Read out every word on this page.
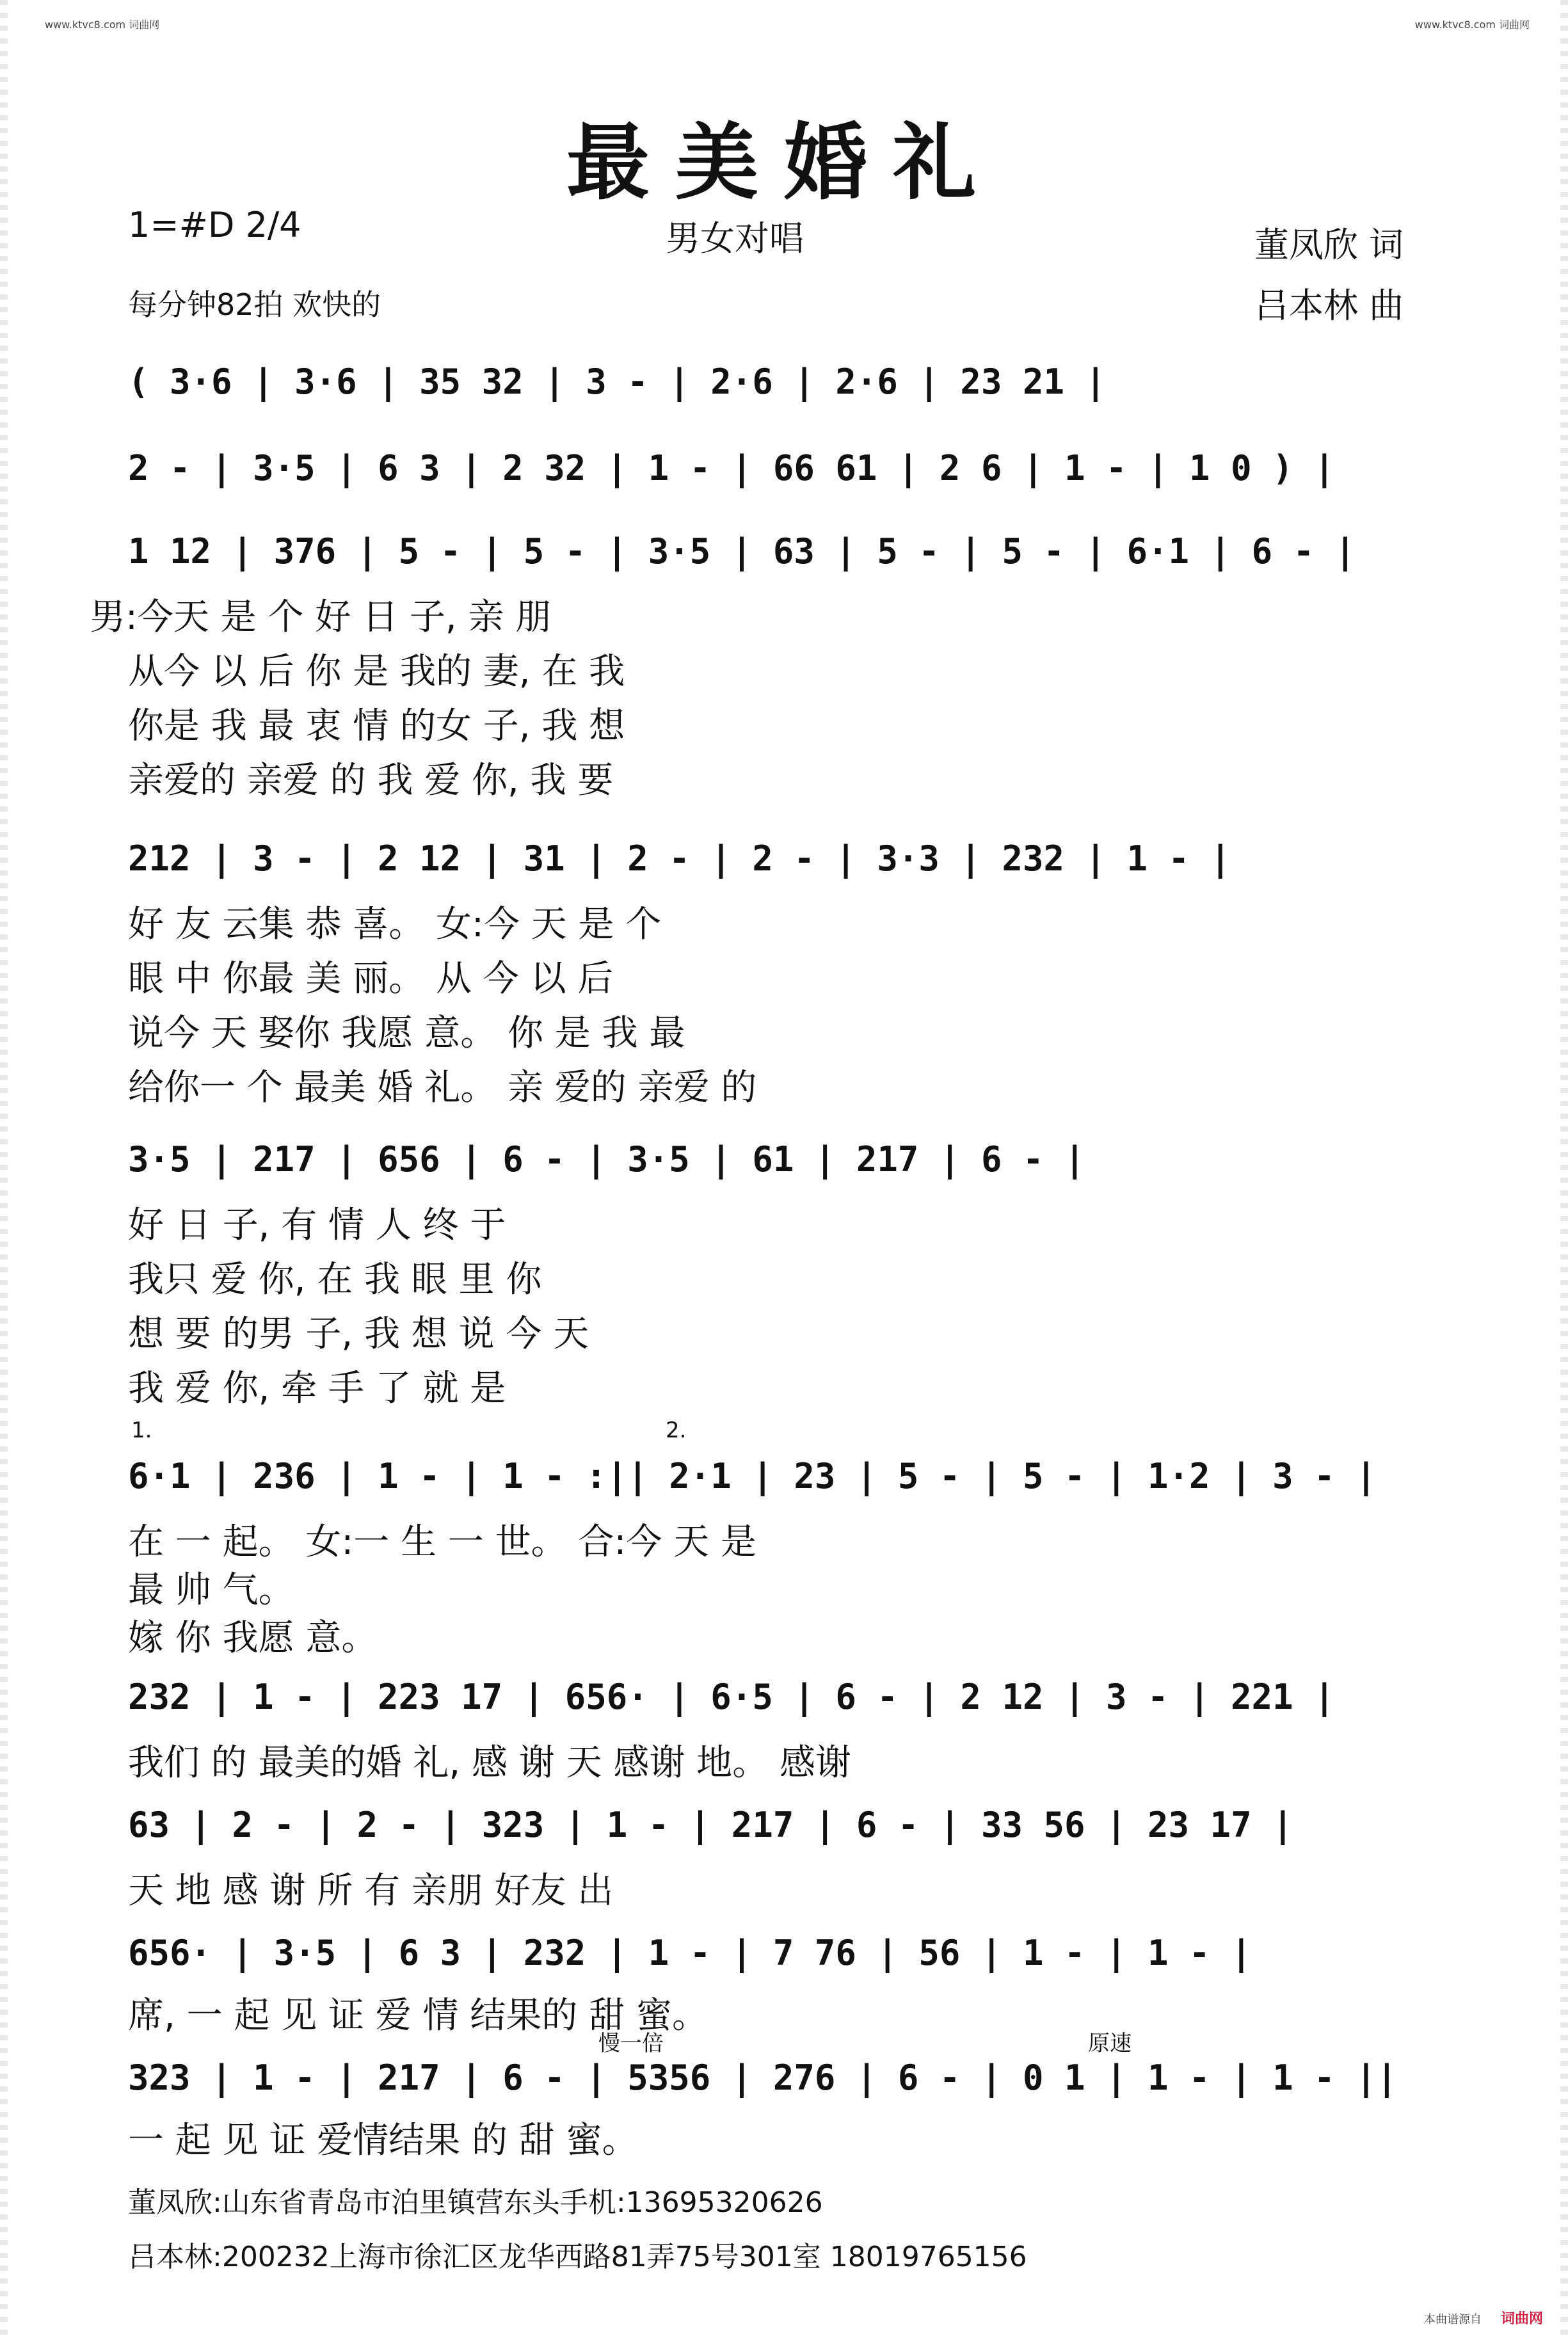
www.ktvc8.com 词曲网	www.ktvc8.com 词曲网
最美婚礼
1=#D 2/4	男女对唱	董凤欣 词
每分钟82拍 欢快的	吕本林 曲
( 3·6 | 3·6 | 35 32 | 3 - | 2·6 | 2·6 | 23 21 |
2 - | 3·5 | 6 3 | 2 32 | 1 - | 66 61 | 2 6 | 1 - | 1 0 ) |
1 12 | 376 | 5 - | 5 - | 3·5 | 63 | 5 - | 5 - | 6·1 | 6 - |
男:今天 是 个 好 日 子, 亲 朋
从今 以 后 你 是 我的 妻, 在 我
你是 我 最 衷 情 的女 子, 我 想
亲爱的 亲爱 的 我 爱 你, 我 要
212 | 3 - | 2 12 | 31 | 2 - | 2 - | 3·3 | 232 | 1 - |
好 友 云集 恭 喜。 女:今 天 是 个
眼 中 你最 美 丽。 从 今 以 后
说今 天 娶你 我愿 意。 你 是 我 最
给你一 个 最美 婚 礼。 亲 爱的 亲爱 的
3·5 | 217 | 656 | 6 - | 3·5 | 61 | 217 | 6 - |
好 日 子, 有 情 人 终 于
我只 爱 你, 在 我 眼 里 你
想 要 的男 子, 我 想 说 今 天
我 爱 你, 牵 手 了 就 是
1.	2.
6·1 | 236 | 1 - | 1 - :|| 2·1 | 23 | 5 - | 5 - | 1·2 | 3 - |
在 一 起。 女:一 生 一 世。 合:今 天 是
最 帅 气。
嫁 你 我愿 意。
232 | 1 - | 223 17 | 656· | 6·5 | 6 - | 2 12 | 3 - | 221 |
我们 的 最美的婚 礼, 感 谢 天 感谢 地。 感谢
63 | 2 - | 2 - | 323 | 1 - | 217 | 6 - | 33 56 | 23 17 |
天 地 感 谢 所 有 亲朋 好友 出
656· | 3·5 | 6 3 | 232 | 1 - | 7 76 | 56 | 1 - | 1 - |
席, 一 起 见 证 爱 情 结果的 甜 蜜。
慢一倍	原速
323 | 1 - | 217 | 6 - | 5356 | 276 | 6 - | 0 1 | 1 - | 1 - ||
一 起 见 证 爱情结果 的 甜 蜜。
董凤欣:山东省青岛市泊里镇营东头手机:13695320626
吕本林:200232上海市徐汇区龙华西路81弄75号301室 18019765156
本曲谱源自 词曲网
